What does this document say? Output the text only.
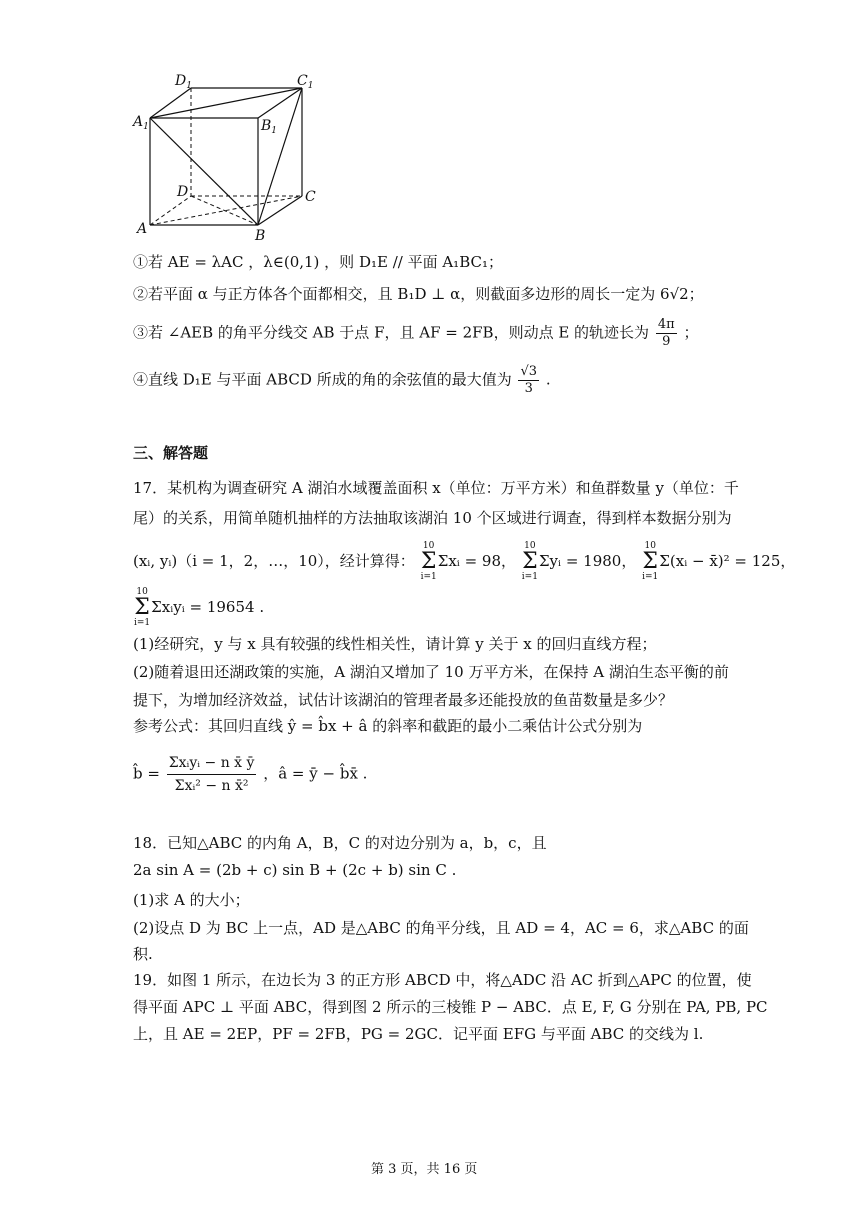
$D_1$	$C_1$
$A_1$	$B_1$
D	C
A	B
①若 AE = λAC ，λ∈(0,1) ，则 D₁E // 平面 A₁BC₁；
②若平面 α 与正方体各个面都相交，且 B₁D ⊥ α，则截面多边形的周长一定为 6√2；
③若 ∠AEB 的角平分线交 AB 于点 F，且 AF = 2FB，则动点 E 的轨迹长为 $\frac{4\pi}{9}$ ；
④直线 D₁E 与平面 ABCD 所成的角的余弦值的最大值为 $\frac{√3}{3}$ .
三、解答题
17．某机构为调查研究 A 湖泊水域覆盖面积 x（单位：万平方米）和鱼群数量 y（单位：千
尾）的关系，用简单随机抽样的方法抽取该湖泊 10 个区域进行调查，得到样本数据分别为
(xᵢ, yᵢ)（i = 1，2，…，10），经计算得：
10
Σ
i=1
Σxᵢ = 98，
10
Σ
i=1
Σyᵢ = 1980，
10
Σ
i=1
Σ(xᵢ − x̄)² = 125，
10
Σ
i=1
Σxᵢyᵢ = 19654 .
(1)经研究，y 与 x 具有较强的线性相关性，请计算 y 关于 x 的回归直线方程；
(2)随着退田还湖政策的实施，A 湖泊又增加了 10 万平方米，在保持 A 湖泊生态平衡的前
提下，为增加经济效益，试估计该湖泊的管理者最多还能投放的鱼苗数量是多少？
参考公式：其回归直线 ŷ = b̂x + â 的斜率和截距的最小二乘估计公式分别为
b̂ = $\frac{\text{Σxᵢyᵢ − n x̄ ȳ}}{\text{Σxᵢ² − n x̄²}}$ ，â = ȳ − b̂x̄ .
18．已知△ABC 的内角 A，B，C 的对边分别为 a，b，c，且
2a sin A = (2b + c) sin B + (2c + b) sin C .
(1)求 A 的大小；
(2)设点 D 为 BC 上一点，AD 是△ABC 的角平分线，且 AD = 4，AC = 6，求△ABC 的面
积.
19．如图 1 所示，在边长为 3 的正方形 ABCD 中，将△ADC 沿 AC 折到△APC 的位置，使
得平面 APC ⊥ 平面 ABC，得到图 2 所示的三棱锥 P − ABC．点 E, F, G 分别在 PA, PB, PC
上，且 AE = 2EP，PF = 2FB，PG = 2GC．记平面 EFG 与平面 ABC 的交线为 l.
第 3 页，共 16 页
